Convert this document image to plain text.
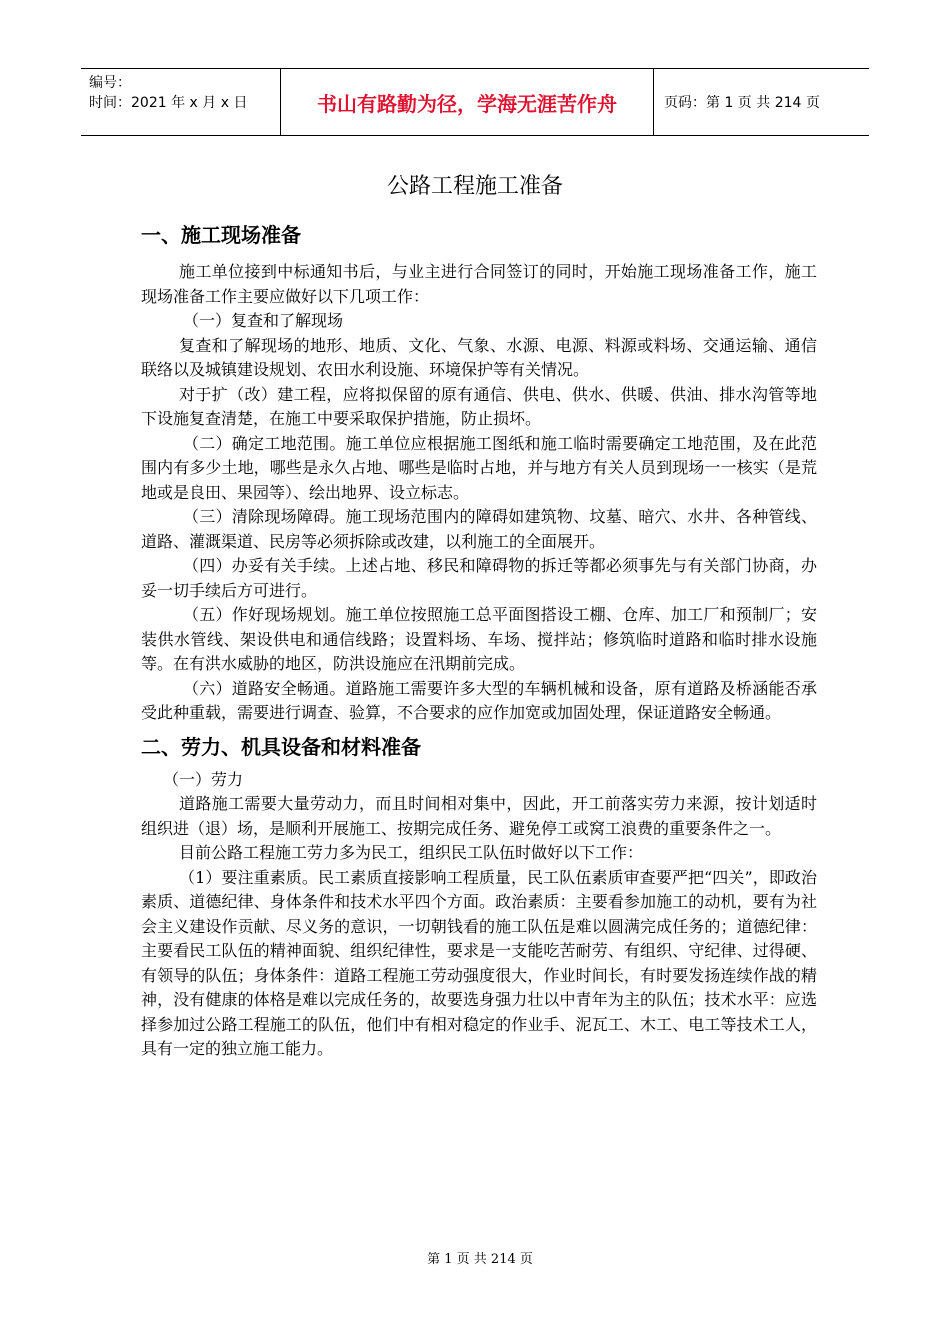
编号：
时间：2021 年 x 月 x 日	书山有路勤为径，学海无涯苦作舟	页码：第 1 页 共 214 页
公路工程施工准备
一、施工现场准备

施工单位接到中标通知书后，与业主进行合同签订的同时，开始施工现场准备工作，施工现场准备工作主要应做好以下几项工作：

（一）复查和了解现场

复查和了解现场的地形、地质、文化、气象、水源、电源、料源或料场、交通运输、通信联络以及城镇建设规划、农田水利设施、环境保护等有关情况。

对于扩（改）建工程，应将拟保留的原有通信、供电、供水、供暖、供油、排水沟管等地下设施复查清楚，在施工中要采取保护措施，防止损坏。

（二）确定工地范围。施工单位应根据施工图纸和施工临时需要确定工地范围，及在此范围内有多少土地，哪些是永久占地、哪些是临时占地，并与地方有关人员到现场一一核实（是荒地或是良田、果园等）、绘出地界、设立标志。

（三）清除现场障碍。施工现场范围内的障碍如建筑物、坟墓、暗穴、水井、各种管线、道路、灌溉渠道、民房等必须拆除或改建，以利施工的全面展开。

（四）办妥有关手续。上述占地、移民和障碍物的拆迁等都必须事先与有关部门协商，办妥一切手续后方可进行。

（五）作好现场规划。施工单位按照施工总平面图搭设工棚、仓库、加工厂和预制厂；安装供水管线、架设供电和通信线路；设置料场、车场、搅拌站；修筑临时道路和临时排水设施等。在有洪水威胁的地区，防洪设施应在汛期前完成。

（六）道路安全畅通。道路施工需要许多大型的车辆机械和设备，原有道路及桥涵能否承受此种重载，需要进行调查、验算，不合要求的应作加宽或加固处理，保证道路安全畅通。

二、劳力、机具设备和材料准备

（一）劳力

道路施工需要大量劳动力，而且时间相对集中，因此，开工前落实劳力来源，按计划适时组织进（退）场，是顺利开展施工、按期完成任务、避免停工或窝工浪费的重要条件之一。

目前公路工程施工劳力多为民工，组织民工队伍时做好以下工作：

（1）要注重素质。民工素质直接影响工程质量，民工队伍素质审查要严把“四关”，即政治素质、道德纪律、身体条件和技术水平四个方面。政治素质：主要看参加施工的动机，要有为社会主义建设作贡献、尽义务的意识，一切朝钱看的施工队伍是难以圆满完成任务的；道德纪律：主要看民工队伍的精神面貌、组织纪律性，要求是一支能吃苦耐劳、有组织、守纪律、过得硬、有领导的队伍；身体条件：道路工程施工劳动强度很大，作业时间长，有时要发扬连续作战的精神，没有健康的体格是难以完成任务的，故要选身强力壮以中青年为主的队伍；技术水平：应选择参加过公路工程施工的队伍，他们中有相对稳定的作业手、泥瓦工、木工、电工等技术工人，具有一定的独立施工能力。

第 1 页 共 214 页
